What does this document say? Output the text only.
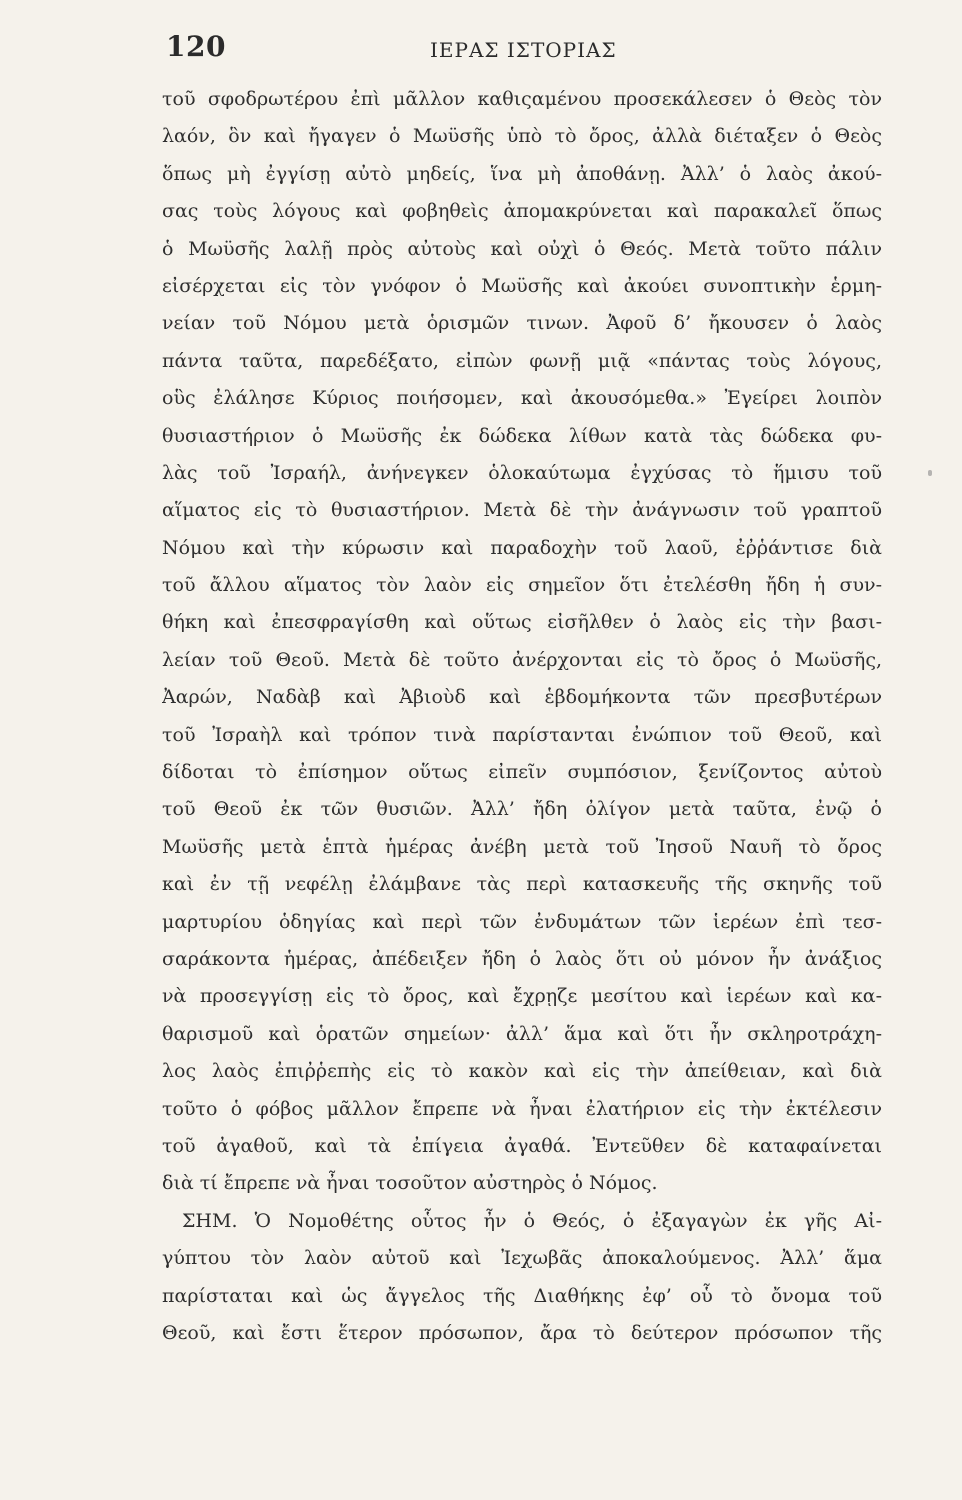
120	ΙΕΡΑΣ ΙΣΤΟΡΙΑΣ
τοῦ σφοδρωτέρου ἐπὶ μᾶλλον καθιςαμένου προσεκάλεσεν ὁ Θεὸς τὸν
λαόν, ὃν καὶ ἤγαγεν ὁ Μωϋσῆς ὑπὸ τὸ ὄρος, ἀλλὰ διέταξεν ὁ Θεὸς
ὅπως μὴ ἐγγίσῃ αὐτὸ μηδείς, ἵνα μὴ ἀποθάνῃ. Ἀλλ’ ὁ λαὸς ἀκού-
σας τοὺς λόγους καὶ φοβηθεὶς ἀπομακρύνεται καὶ παρακαλεῖ ὅπως
ὁ Μωϋσῆς λαλῇ πρὸς αὐτοὺς καὶ οὐχὶ ὁ Θεός. Μετὰ τοῦτο πάλιν
εἰσέρχεται εἰς τὸν γνόφον ὁ Μωϋσῆς καὶ ἀκούει συνοπτικὴν ἑρμη-
νείαν τοῦ Νόμου μετὰ ὁρισμῶν τινων. Ἀφοῦ δ’ ἤκουσεν ὁ λαὸς
πάντα ταῦτα, παρεδέξατο, εἰπὼν φωνῇ μιᾷ «πάντας τοὺς λόγους,
οὓς ἐλάλησε Κύριος ποιήσομεν, καὶ ἀκουσόμεθα.» Ἐγείρει λοιπὸν
θυσιαστήριον ὁ Μωϋσῆς ἐκ δώδεκα λίθων κατὰ τὰς δώδεκα φυ-
λὰς τοῦ Ἰσραήλ, ἀνήνεγκεν ὁλοκαύτωμα ἐγχύσας τὸ ἥμισυ τοῦ
αἵματος εἰς τὸ θυσιαστήριον. Μετὰ δὲ τὴν ἀνάγνωσιν τοῦ γραπτοῦ
Νόμου καὶ τὴν κύρωσιν καὶ παραδοχὴν τοῦ λαοῦ, ἐῤῥάντισε διὰ
τοῦ ἄλλου αἵματος τὸν λαὸν εἰς σημεῖον ὅτι ἐτελέσθη ἤδη ἡ συν-
θήκη καὶ ἐπεσφραγίσθη καὶ οὕτως εἰσῆλθεν ὁ λαὸς εἰς τὴν βασι-
λείαν τοῦ Θεοῦ. Μετὰ δὲ τοῦτο ἀνέρχονται εἰς τὸ ὄρος ὁ Μωϋσῆς,
Ἀαρών, Ναδὰβ καὶ Ἀβιοὺδ καὶ ἑβδομήκοντα τῶν πρεσβυτέρων
τοῦ Ἰσραὴλ καὶ τρόπον τινὰ παρίστανται ἐνώπιον τοῦ Θεοῦ, καὶ
δίδοται τὸ ἐπίσημον οὕτως εἰπεῖν συμπόσιον, ξενίζοντος αὐτοὺ
τοῦ Θεοῦ ἐκ τῶν θυσιῶν. Ἀλλ’ ἤδη ὀλίγον μετὰ ταῦτα, ἐνῷ ὁ
Μωϋσῆς μετὰ ἑπτὰ ἡμέρας ἀνέβη μετὰ τοῦ Ἰησοῦ Ναυῆ τὸ ὄρος
καὶ ἐν τῇ νεφέλῃ ἐλάμβανε τὰς περὶ κατασκευῆς τῆς σκηνῆς τοῦ
μαρτυρίου ὁδηγίας καὶ περὶ τῶν ἐνδυμάτων τῶν ἱερέων ἐπὶ τεσ-
σαράκοντα ἡμέρας, ἀπέδειξεν ἤδη ὁ λαὸς ὅτι οὐ μόνον ἦν ἀνάξιος
νὰ προσεγγίσῃ εἰς τὸ ὄρος, καὶ ἔχρῃζε μεσίτου καὶ ἱερέων καὶ κα-
θαρισμοῦ καὶ ὁρατῶν σημείων· ἀλλ’ ἅμα καὶ ὅτι ἦν σκληροτράχη-
λος λαὸς ἐπιῤῥεπὴς εἰς τὸ κακὸν καὶ εἰς τὴν ἀπείθειαν, καὶ διὰ
τοῦτο ὁ φόβος μᾶλλον ἔπρεπε νὰ ἦναι ἐλατήριον εἰς τὴν ἐκτέλεσιν
τοῦ ἀγαθοῦ, καὶ τὰ ἐπίγεια ἀγαθά. Ἐντεῦθεν δὲ καταφαίνεται
διὰ τί ἔπρεπε νὰ ἦναι τοσοῦτον αὐστηρὸς ὁ Νόμος.
ΣΗΜ. Ὁ Νομοθέτης οὗτος ἦν ὁ Θεός, ὁ ἐξαγαγὼν ἐκ γῆς Αἰ-
γύπτου τὸν λαὸν αὐτοῦ καὶ Ἰεχωβᾶς ἀποκαλούμενος. Ἀλλ’ ἅμα
παρίσταται καὶ ὡς ἄγγελος τῆς Διαθήκης ἐφ’ οὗ τὸ ὄνομα τοῦ
Θεοῦ, καὶ ἔστι ἕτερον πρόσωπον, ἄρα τὸ δεύτερον πρόσωπον τῆς
